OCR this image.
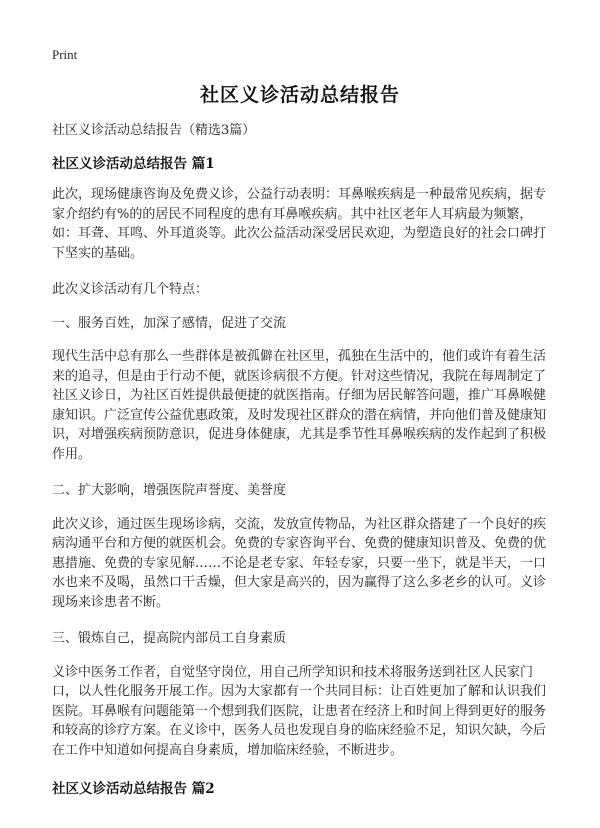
Print
社区义诊活动总结报告

社区义诊活动总结报告（精选3篇）

社区义诊活动总结报告 篇1

此次，现场健康咨询及免费义诊，公益行动表明：耳鼻喉疾病是一种最常见疾病，据专家介绍约有%的的居民不同程度的患有耳鼻喉疾病。其中社区老年人耳病最为频繁，如：耳聋、耳鸣、外耳道炎等。此次公益活动深受居民欢迎，为塑造良好的社会口碑打下坚实的基础。

此次义诊活动有几个特点：

一、服务百姓，加深了感情，促进了交流

现代生活中总有那么一些群体是被孤僻在社区里，孤独在生活中的，他们或许有着生活来的追寻，但是由于行动不便，就医诊病很不方便。针对这些情况，我院在每周制定了社区义诊日，为社区百姓提供最便捷的就医指南。仔细为居民解答问题，推广耳鼻喉健康知识。广泛宣传公益优惠政策，及时发现社区群众的潜在病情，并向他们普及健康知识，对增强疾病预防意识，促进身体健康，尤其是季节性耳鼻喉疾病的发作起到了积极作用。

二、扩大影响，增强医院声誉度、美誉度

此次义诊，通过医生现场诊病，交流，发放宣传物品，为社区群众搭建了一个良好的疾病沟通平台和方便的就医机会。免费的专家咨询平台、免费的健康知识普及、免费的优惠措施、免费的专家见解……不论是老专家、年轻专家，只要一坐下，就是半天，一口水也来不及喝，虽然口干舌燥，但大家是高兴的，因为赢得了这么多老乡的认可。义诊现场来诊患者不断。

三、锻炼自己，提高院内部员工自身素质

义诊中医务工作者，自觉坚守岗位，用自己所学知识和技术将服务送到社区人民家门口，以人性化服务开展工作。因为大家都有一个共同目标：让百姓更加了解和认识我们医院。耳鼻喉有问题能第一个想到我们医院，让患者在经济上和时间上得到更好的服务和较高的诊疗方案。在义诊中，医务人员也发现自身的临床经验不足，知识欠缺，今后在工作中知道如何提高自身素质，增加临床经验，不断进步。

社区义诊活动总结报告 篇2
